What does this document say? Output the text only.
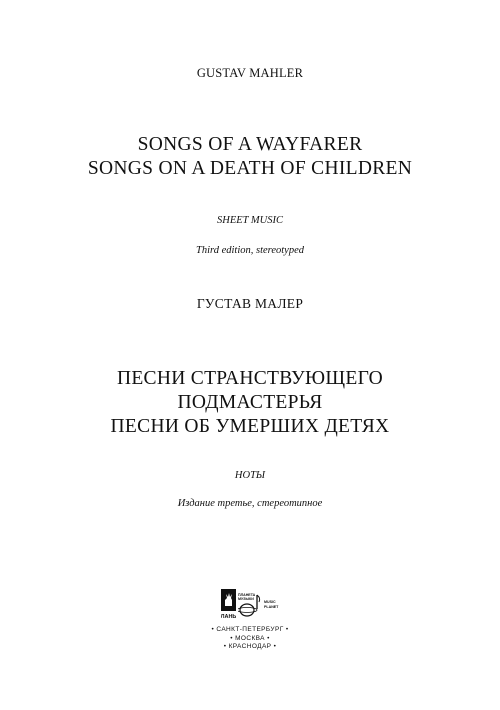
GUSTAV MAHLER
SONGS OF A WAYFARER
SONGS ON A DEATH OF CHILDREN
SHEET MUSIC
Third edition, stereotyped
ГУСТАВ МАЛЕР
ПЕСНИ СТРАНСТВУЮЩЕГО
ПОДМАСТЕРЬЯ
ПЕСНИ ОБ УМЕРШИХ ДЕТЯХ
НОТЫ
Издание третье, стереотипное
ЛАНЬ
ПЛАНЕТА
МУЗЫКИ
MUSIC
PLANET
• САНКТ-ПЕТЕРБУРГ •
• МОСКВА •
• КРАСНОДАР •
